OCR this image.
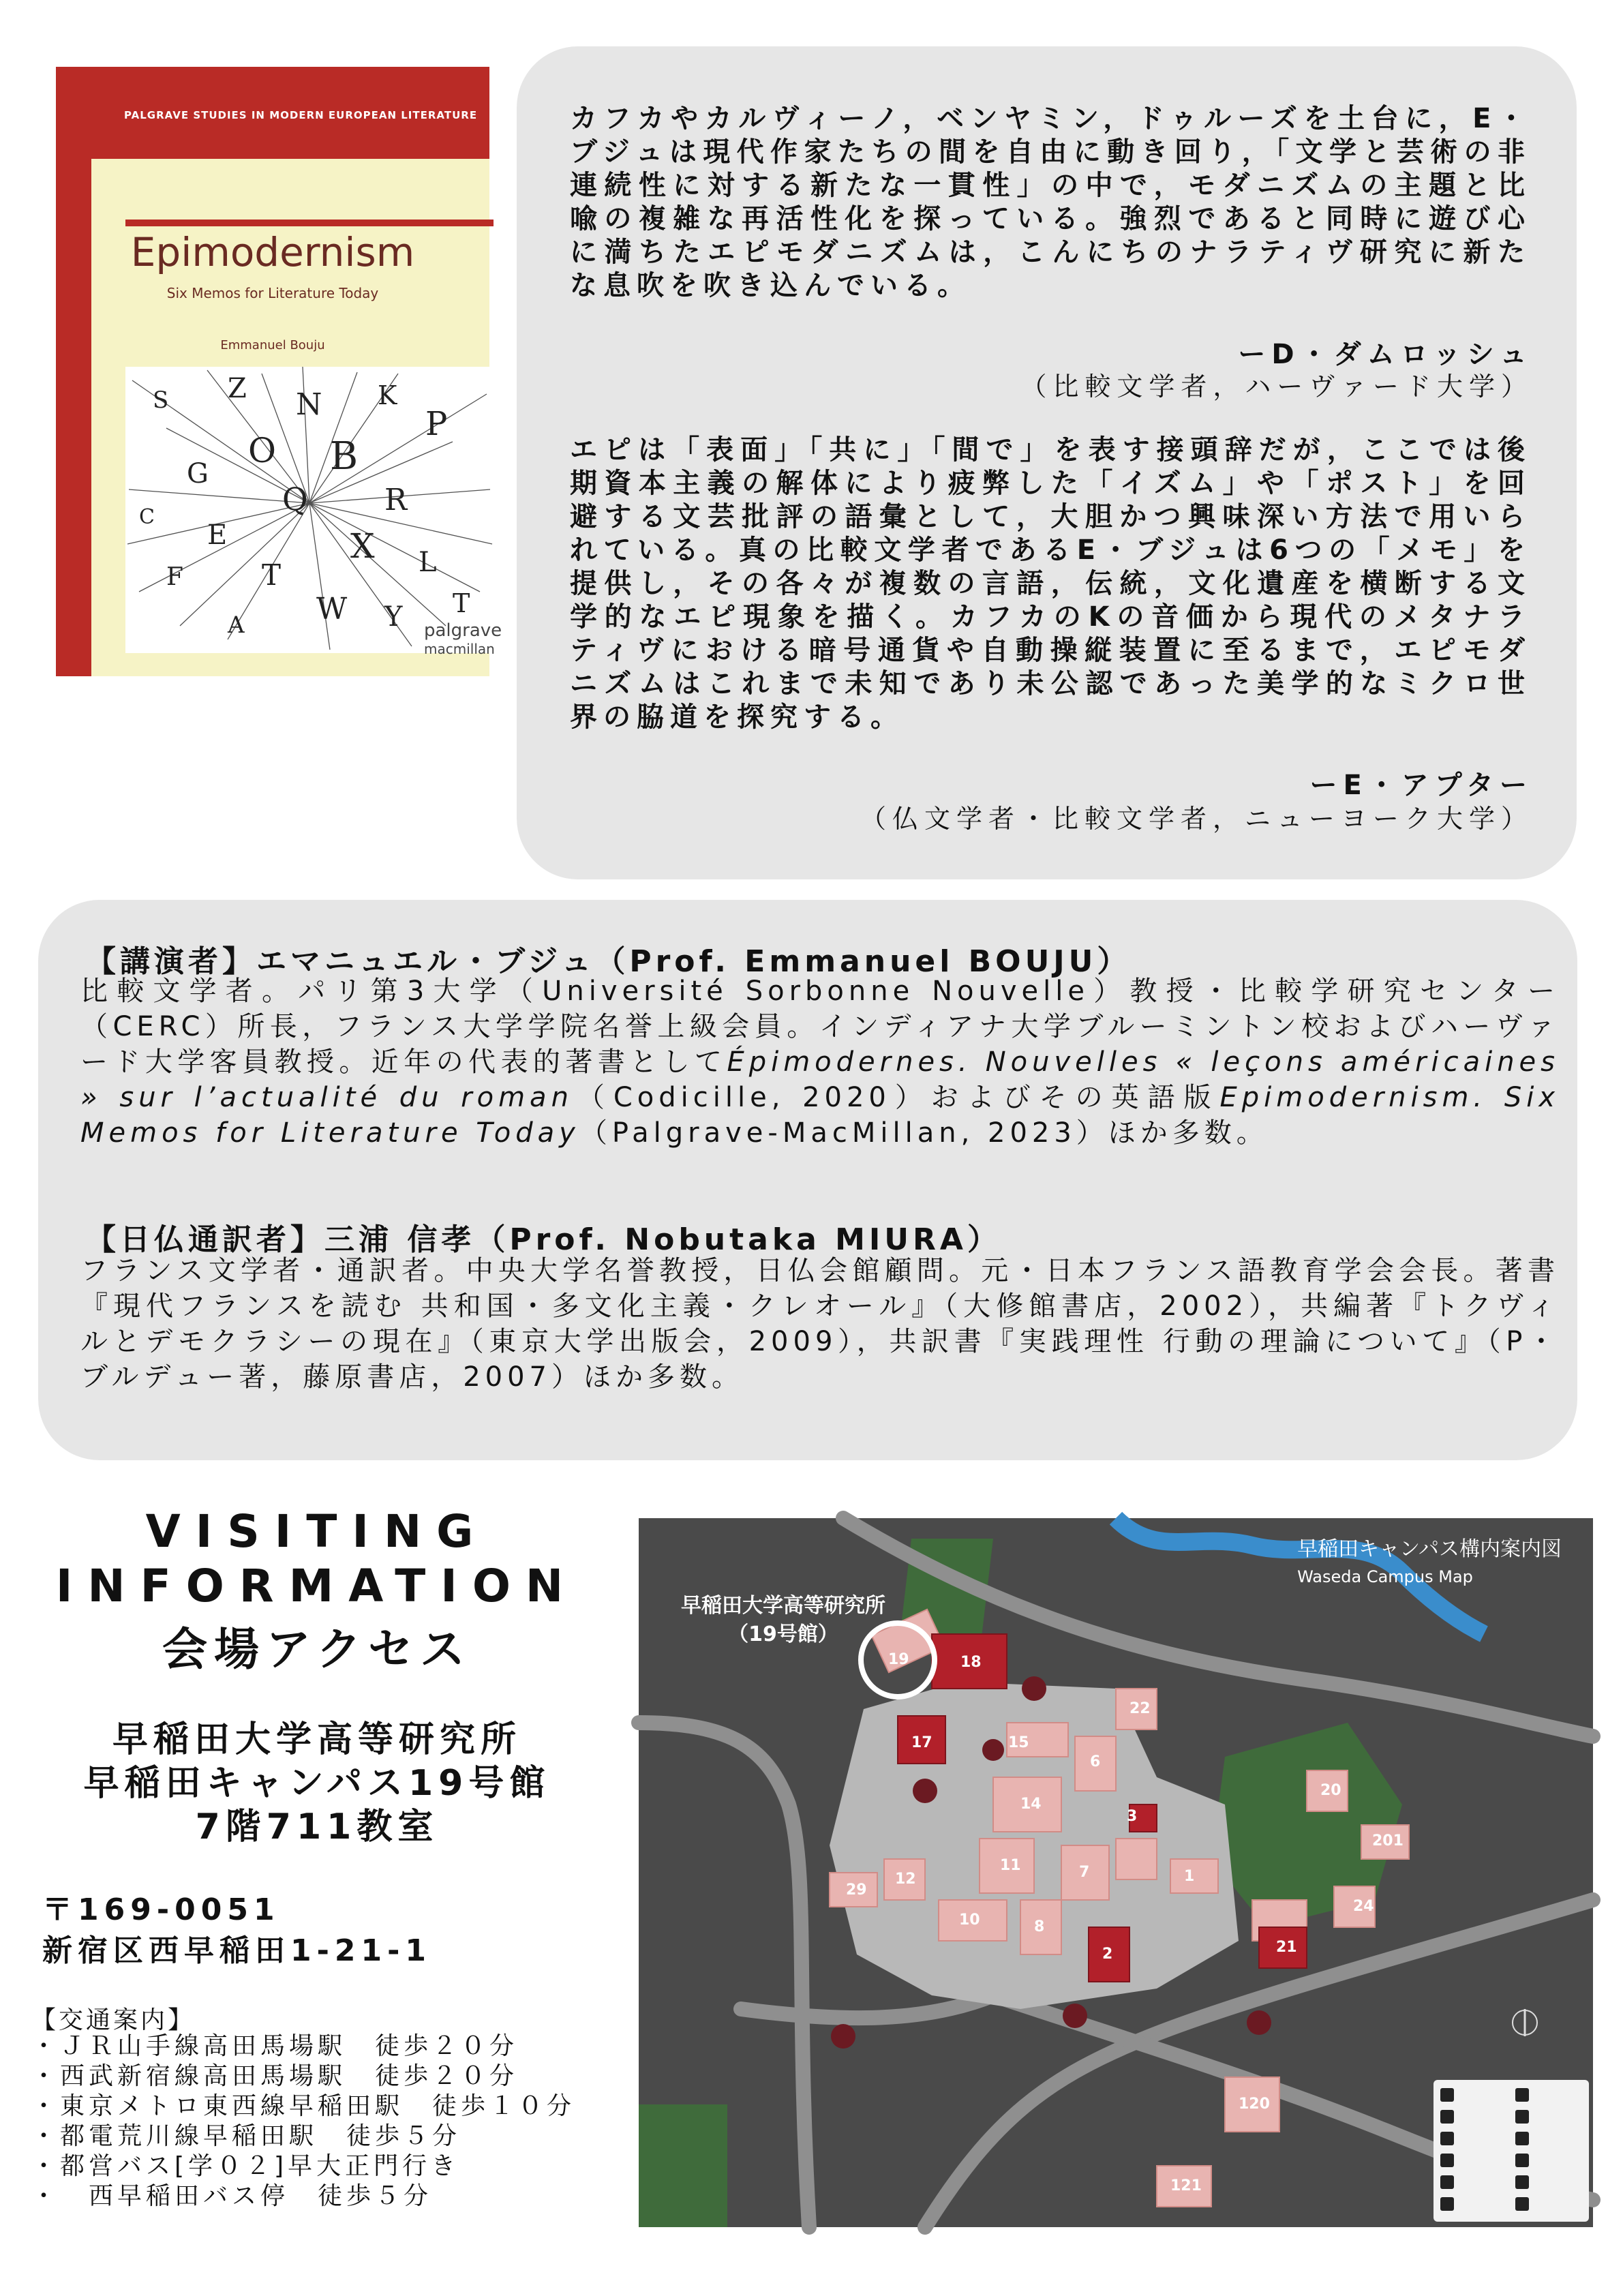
PALGRAVE STUDIES IN MODERN EUROPEAN LITERATURE
Epimodernism
Six Memos for Literature Today
Emmanuel Bouju
S Z N K
P
O B
G
Q	R
E	X
T	L
F
W Y
A
T
C
palgrave
macmillan
カフカやカルヴィーノ，ベンヤミン，ドゥルーズを土台に，E・ブジュは現代作家たちの間を自由に動き回り，「文学と芸術の非連続性に対する新たな一貫性」の中で，モダニズムの主題と比喩の複雑な再活性化を探っている。強烈であると同時に遊び心に満ちたエピモダニズムは，こんにちのナラティヴ研究に新たな息吹を吹き込んでいる。
ーD・ダムロッシュ
（比較文学者，ハーヴァード大学）
エピは「表面」「共に」「間で」を表す接頭辞だが，ここでは後期資本主義の解体により疲弊した「イズム」や「ポスト」を回避する文芸批評の語彙として，大胆かつ興味深い方法で用いられている。真の比較文学者であるE・ブジュは6つの「メモ」を提供し，その各々が複数の言語，伝統，文化遺産を横断する文学的なエピ現象を描く。カフカのKの音価から現代のメタナラティヴにおける暗号通貨や自動操縦装置に至るまで，エピモダニズムはこれまで未知であり未公認であった美学的なミクロ世界の脇道を探究する。
ーE・アプター
（仏文学者・比較文学者，ニューヨーク大学）
【講演者】エマニュエル・ブジュ（Prof. Emmanuel BOUJU）
比較文学者。パリ第3大学（Université Sorbonne Nouvelle）教授・比較学研究センター（CERC）所長，フランス大学学院名誉上級会員。インディアナ大学ブルーミントン校およびハーヴァード大学客員教授。近年の代表的著書としてÉpimodernes. Nouvelles « leçons américaines » sur l’actualité du roman（Codicille, 2020）およびその英語版Epimodernism. Six Memos for Literature Today（Palgrave-MacMillan, 2023）ほか多数。
【日仏通訳者】三浦 信孝（Prof. Nobutaka MIURA）
フランス文学者・通訳者。中央大学名誉教授，日仏会館顧問。元・日本フランス語教育学会会長。著書『現代フランスを読む 共和国・多文化主義・クレオール』（大修館書店，2002），共編著『トクヴィルとデモクラシーの現在』（東京大学出版会，2009），共訳書『実践理性 行動の理論について』（P・ブルデュー著，藤原書店，2007）ほか多数。
VISITING
INFORMATION
会場アクセス
早稲田大学高等研究所
早稲田キャンパス19号館
7階711教室
〒169-0051
新宿区西早稲田1-21-1
【交通案内】
・ ＪＲ山手線高田馬場駅　徒歩２０分
・ 西武新宿線高田馬場駅　徒歩２０分
・ 東京メトロ東西線早稲田駅　徒歩１０分
・ 都電荒川線早稲田駅　徒歩５分
・ 都営バス[学０２]早大正門行き
・ 　西早稲田バス停　徒歩５分
19	18
17	15
14
11
10	8
7
6
22
2	21
20
24
29
12
120
121
201
1
3
早稲田キャンパス構内案内図
Waseda Campus Map
早稲田大学高等研究所
（19号館）
